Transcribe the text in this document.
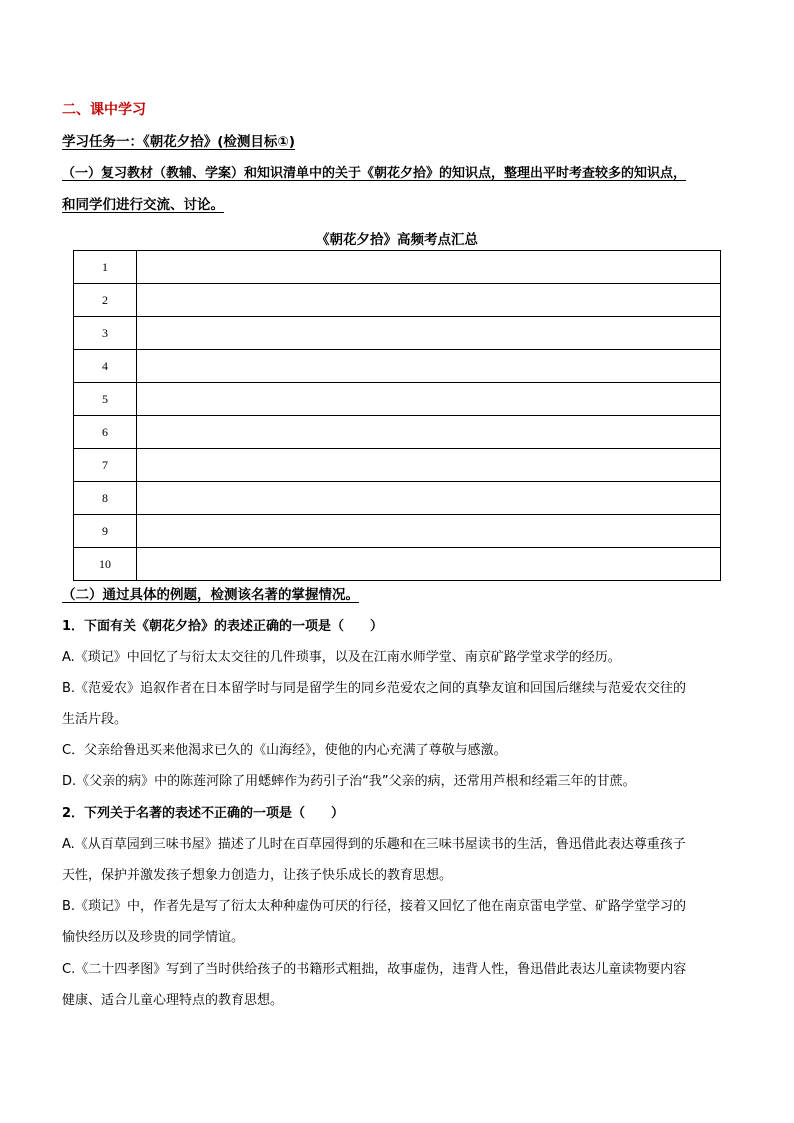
二、课中学习
学习任务一：《朝花夕拾》(检测目标①)
（一）复习教材（教辅、学案）和知识清单中的关于《朝花夕拾》的知识点，整理出平时考查较多的知识点，
和同学们进行交流、讨论。
《朝花夕拾》高频考点汇总
1	
2	
3	
4	
5	
6	
7	
8	
9	
10	
（二）通过具体的例题，检测该名著的掌握情况。
1．下面有关《朝花夕拾》的表述正确的一项是（　　）
A.《琐记》中回忆了与衍太太交往的几件琐事，以及在江南水师学堂、南京矿路学堂求学的经历。
B.《范爱农》追叙作者在日本留学时与同是留学生的同乡范爱农之间的真挚友谊和回国后继续与范爱农交往的
生活片段。
C．父亲给鲁迅买来他渴求已久的《山海经》，使他的内心充满了尊敬与感激。
D.《父亲的病》中的陈莲河除了用蟋蟀作为药引子治“我”父亲的病，还常用芦根和经霜三年的甘蔗。
2．下列关于名著的表述不正确的一项是（　　）
A.《从百草园到三味书屋》描述了儿时在百草园得到的乐趣和在三味书屋读书的生活，鲁迅借此表达尊重孩子
天性，保护并激发孩子想象力创造力，让孩子快乐成长的教育思想。
B.《琐记》中，作者先是写了衍太太种种虚伪可厌的行径，接着又回忆了他在南京雷电学堂、矿路学堂学习的
愉快经历以及珍贵的同学情谊。
C.《二十四孝图》写到了当时供给孩子的书籍形式粗拙，故事虚伪，违背人性，鲁迅借此表达儿童读物要内容
健康、适合儿童心理特点的教育思想。
